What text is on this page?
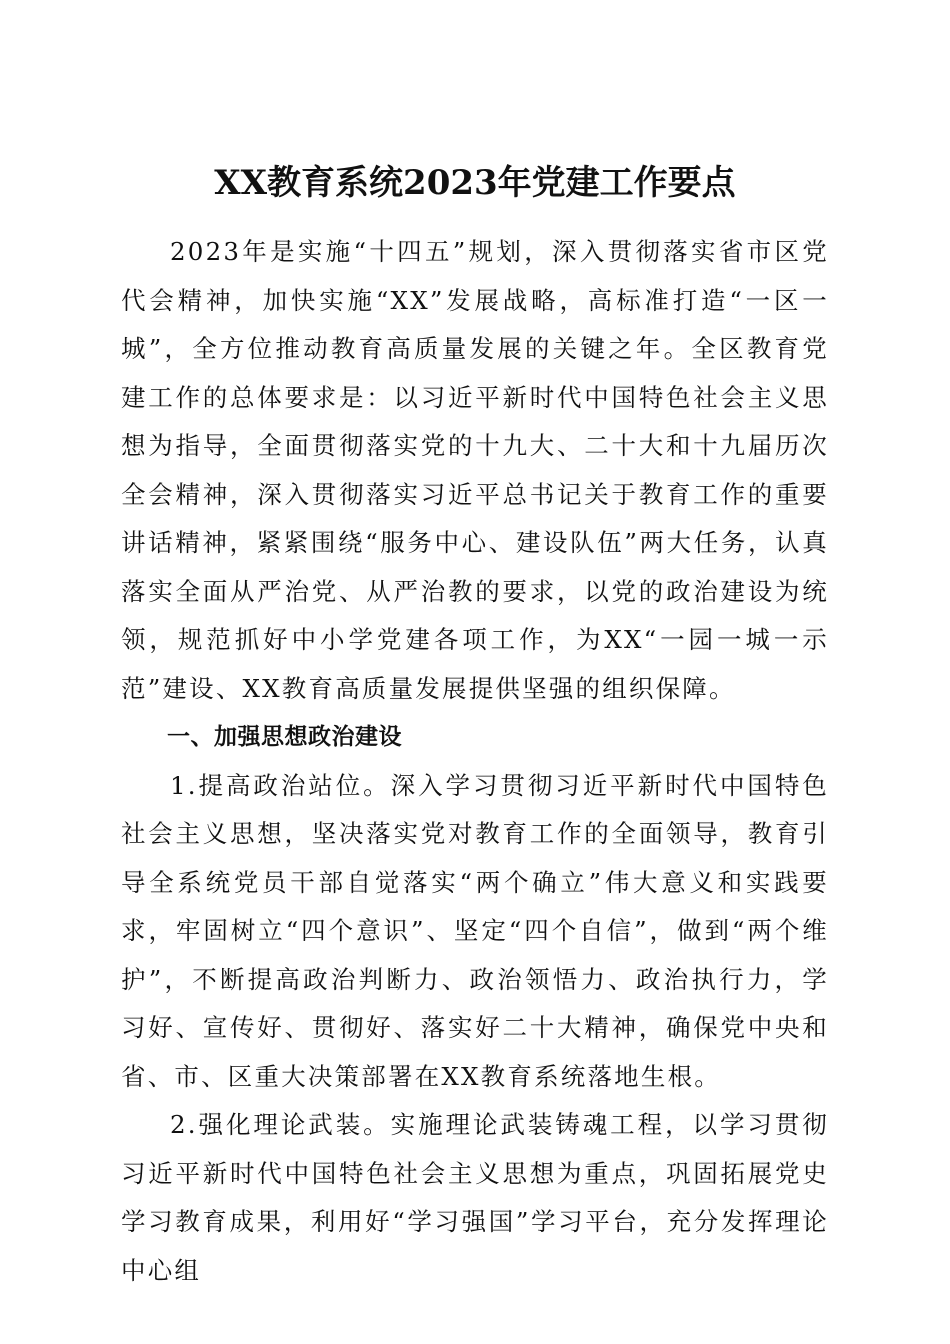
XX教育系统2023年党建工作要点

2023年是实施“十四五”规划，深入贯彻落实省市区党代会精神，加快实施“XX”发展战略，高标准打造“一区一城”，全方位推动教育高质量发展的关键之年。全区教育党建工作的总体要求是：以习近平新时代中国特色社会主义思想为指导，全面贯彻落实党的十九大、二十大和十九届历次全会精神，深入贯彻落实习近平总书记关于教育工作的重要讲话精神，紧紧围绕“服务中心、建设队伍”两大任务，认真落实全面从严治党、从严治教的要求，以党的政治建设为统领，规范抓好中小学党建各项工作，为XX“一园一城一示范”建设、XX教育高质量发展提供坚强的组织保障。

一、加强思想政治建设

1.提高政治站位。深入学习贯彻习近平新时代中国特色社会主义思想，坚决落实党对教育工作的全面领导，教育引导全系统党员干部自觉落实“两个确立”伟大意义和实践要求，牢固树立“四个意识”、坚定“四个自信”，做到“两个维护”，不断提高政治判断力、政治领悟力、政治执行力，学习好、宣传好、贯彻好、落实好二十大精神，确保党中央和省、市、区重大决策部署在XX教育系统落地生根。

2.强化理论武装。实施理论武装铸魂工程，以学习贯彻习近平新时代中国特色社会主义思想为重点，巩固拓展党史学习教育成果，利用好“学习强国”学习平台，充分发挥理论中心组
